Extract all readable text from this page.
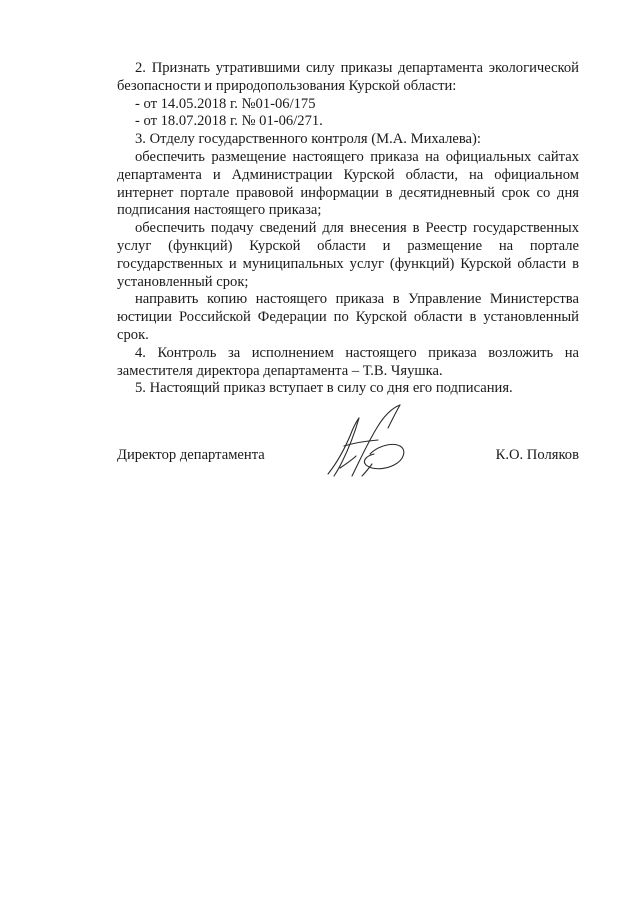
2. Признать утратившими силу приказы департамента экологической безопасности и природопользования Курской области:

- от 14.05.2018 г. №01-06/175

- от 18.07.2018 г. № 01-06/271.

3. Отделу государственного контроля (М.А. Михалева):

обеспечить размещение настоящего приказа на официальных сайтах департамента и Администрации Курской области, на официальном интернет портале правовой информации в десятидневный срок со дня подписания настоящего приказа;

обеспечить подачу сведений для внесения в Реестр государственных услуг (функций) Курской области и размещение на портале государственных и муниципальных услуг (функций) Курской области в установленный срок;

направить копию настоящего приказа в Управление Министерства юстиции Российской Федерации по Курской области в установленный срок.

4. Контроль за исполнением настоящего приказа возложить на заместителя директора департамента – Т.В. Чяушка.

5. Настоящий приказ вступает в силу со дня его подписания.

Директор департамента	К.О. Поляков
